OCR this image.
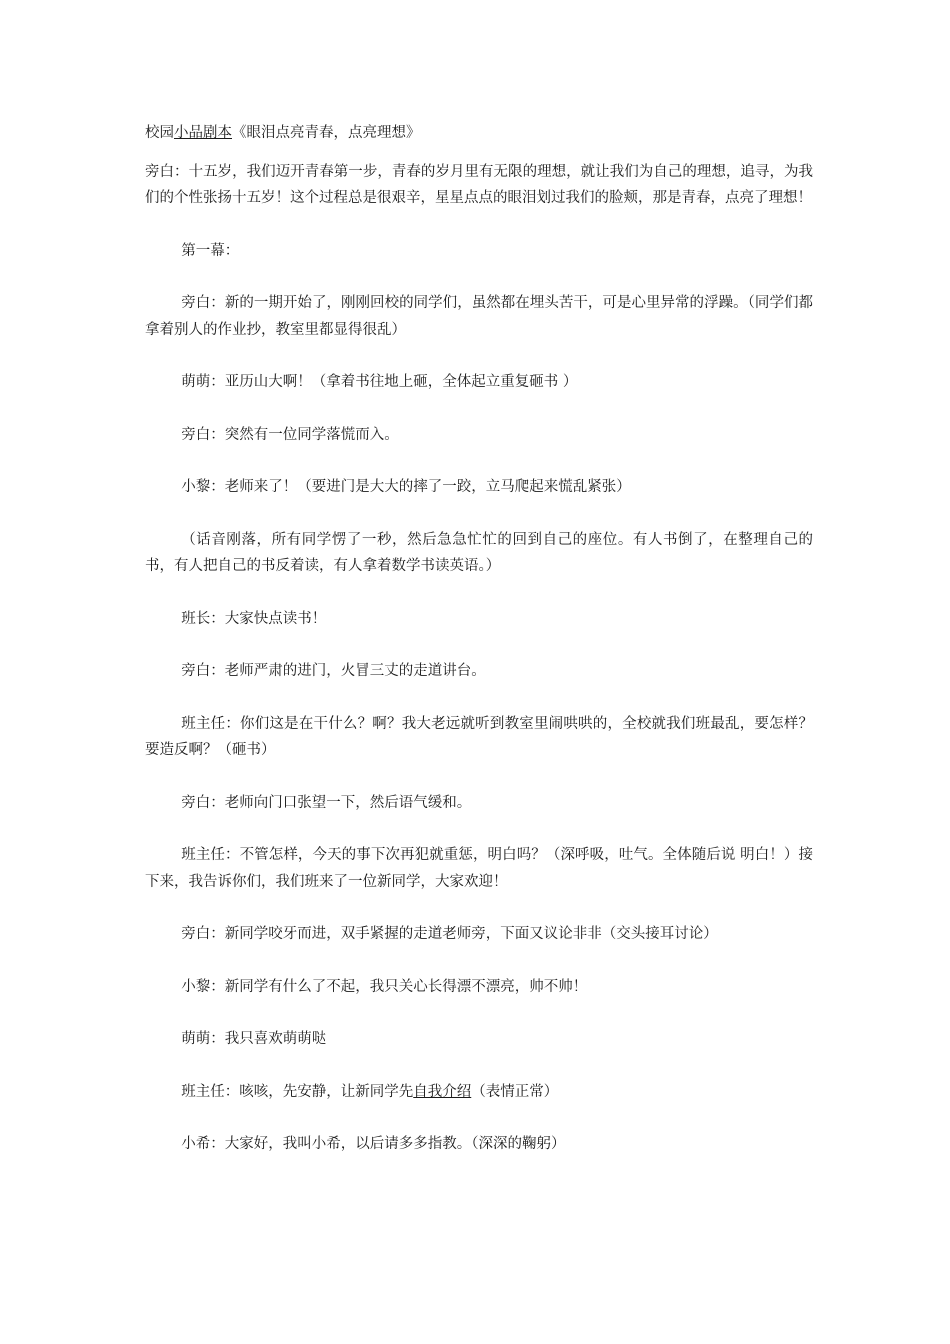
校园小品剧本《眼泪点亮青春，点亮理想》

旁白：十五岁，我们迈开青春第一步，青春的岁月里有无限的理想，就让我们为自己的理想，追寻，为我们的个性张扬十五岁！这个过程总是很艰辛，星星点点的眼泪划过我们的脸颊，那是青春，点亮了理想！

第一幕：

旁白：新的一期开始了，刚刚回校的同学们，虽然都在埋头苦干，可是心里异常的浮躁。（同学们都拿着别人的作业抄，教室里都显得很乱）

萌萌：亚历山大啊！（拿着书往地上砸，全体起立重复砸书 ）

旁白：突然有一位同学落慌而入。

小黎：老师来了！（要进门是大大的摔了一跤，立马爬起来慌乱紧张）

（话音刚落，所有同学愣了一秒，然后急急忙忙的回到自己的座位。有人书倒了，在整理自己的书，有人把自己的书反着读，有人拿着数学书读英语。）

班长：大家快点读书！

旁白：老师严肃的进门，火冒三丈的走道讲台。

班主任：你们这是在干什么？啊？我大老远就听到教室里闹哄哄的，全校就我们班最乱，要怎样？要造反啊？（砸书）

旁白：老师向门口张望一下，然后语气缓和。

班主任：不管怎样，今天的事下次再犯就重惩，明白吗？（深呼吸，吐气。全体随后说 明白！）接下来，我告诉你们，我们班来了一位新同学，大家欢迎！

旁白：新同学咬牙而进，双手紧握的走道老师旁，下面又议论非非（交头接耳讨论）

小黎：新同学有什么了不起，我只关心长得漂不漂亮，帅不帅！

萌萌：我只喜欢萌萌哒

班主任：咳咳，先安静，让新同学先自我介绍（表情正常）

小希：大家好，我叫小希，以后请多多指教。（深深的鞠躬）
